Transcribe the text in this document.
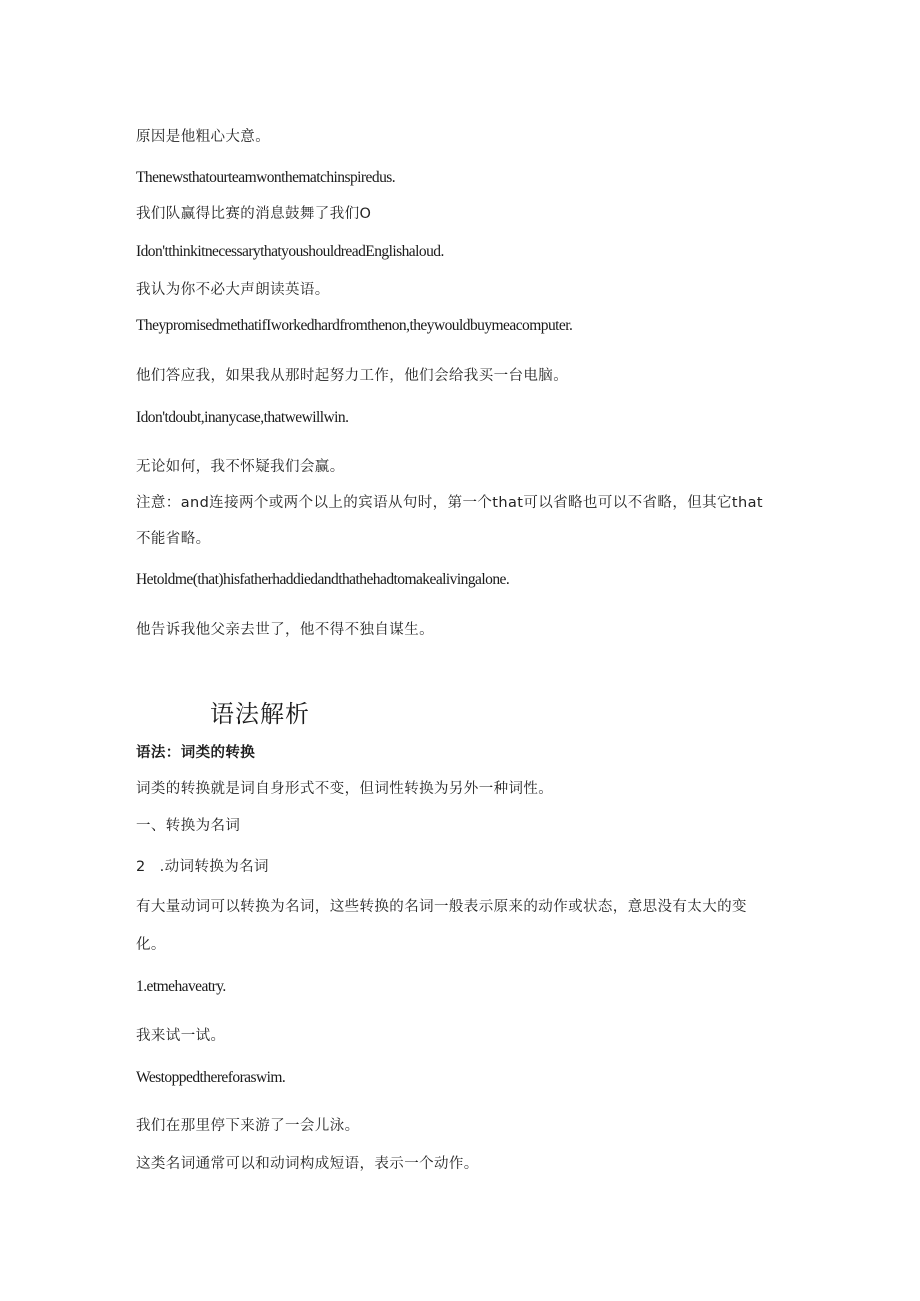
原因是他粗心大意。

Thenewsthatourteamwonthematchinspiredus.

我们队赢得比赛的消息鼓舞了我们O

Idon'tthinkitnecessarythatyoushouldreadEnglishaloud.

我认为你不必大声朗读英语。

TheypromisedmethatifIworkedhardfromthenon,theywouldbuymeacomputer.

他们答应我，如果我从那时起努力工作，他们会给我买一台电脑。

Idon'tdoubt,inanycase,thatwewillwin.

无论如何，我不怀疑我们会赢。

注意：and连接两个或两个以上的宾语从句时，第一个that可以省略也可以不省略，但其它that

不能省略。

Hetoldme(that)hisfatherhaddiedandthathehadtomakealivingalone.

他告诉我他父亲去世了，他不得不独自谋生。

语法解析

语法：词类的转换

词类的转换就是词自身形式不变，但词性转换为另外一种词性。

一、转换为名词

2 .动词转换为名词

有大量动词可以转换为名词，这些转换的名词一般表示原来的动作或状态，意思没有太大的变

化。

1.etmehaveatry.

我来试一试。

Westoppedthereforaswim.

我们在那里停下来游了一会儿泳。

这类名词通常可以和动词构成短语，表示一个动作。
